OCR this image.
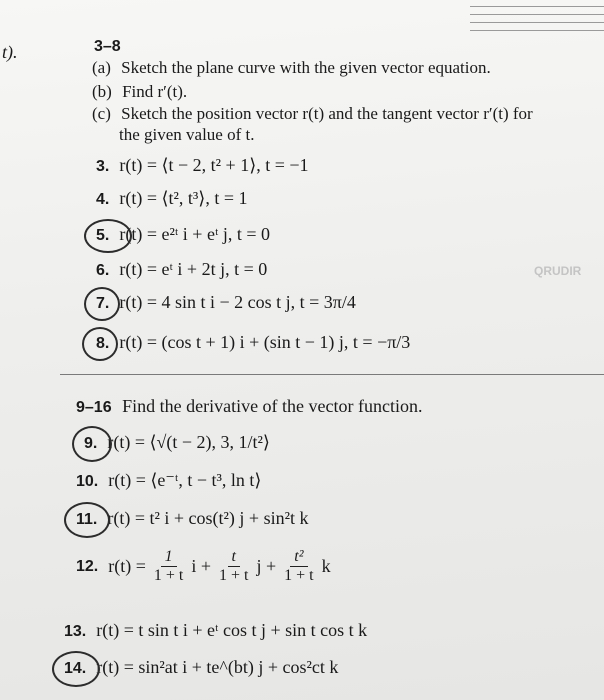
t).	3–8
(a) Sketch the plane curve with the given vector equation.
(b) Find r′(t).
(c) Sketch the position vector r(t) and the tangent vector r′(t) for
the given value of t.
3. r(t) = ⟨t − 2, t² + 1⟩, t = −1
4. r(t) = ⟨t², t³⟩, t = 1
5. r(t) = e²ᵗ i + eᵗ j, t = 0
6. r(t) = eᵗ i + 2t j, t = 0	QRUDIR
7. r(t) = 4 sin t i − 2 cos t j, t = 3π/4
8. r(t) = (cos t + 1) i + (sin t − 1) j, t = −π/3
9–16 Find the derivative of the vector function.
9. r(t) = ⟨√(t − 2), 3, 1/t²⟩
10. r(t) = ⟨e⁻ᵗ, t − t³, ln t⟩
11. r(t) = t² i + cos(t²) j + sin²t k
12. $r(t) = \frac{1}{1 + t}$ $i + \frac{t}{1 + t}$ $j + \frac{\text{t²}}{1 + t}$ k
13. r(t) = t sin t i + eᵗ cos t j + sin t cos t k
14. r(t) = sin²at i + te^(bt) j + cos²ct k
